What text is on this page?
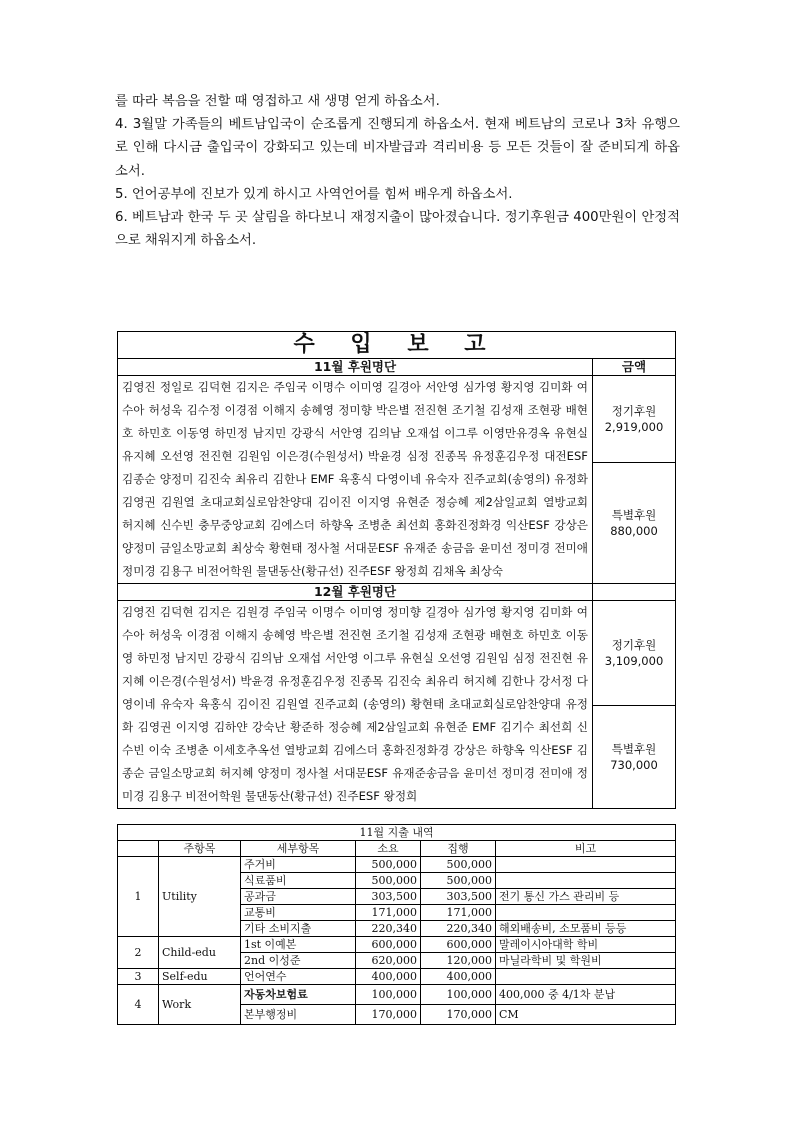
를 따라 복음을 전할 때 영접하고 새 생명 얻게 하옵소서.

4. 3월말 가족들의 베트남입국이 순조롭게 진행되게 하옵소서. 현재 베트남의 코로나 3차 유행으로 인해 다시금 출입국이 강화되고 있는데 비자발급과 격리비용 등 모든 것들이 잘 준비되게 하옵소서.

5. 언어공부에 진보가 있게 하시고 사역언어를 힘써 배우게 하옵소서.

6. 베트남과 한국 두 곳 살림을 하다보니 재정지출이 많아졌습니다. 정기후원금 400만원이 안정적으로 채워지게 하옵소서.

수 입 보 고	
11월 후원명단	금액
김영진 정일로 김덕현 김지은 주임국 이명수 이미영 길경아 서안영 심가영 황지영 김미화 여수아 허성욱 김수정 이경점 이해지 송혜영 정미향 박은별 전진현 조기철 김성재 조현광 배현호 하민호 이동영 하민정 남지민 강광식 서안영 김의남 오재섭 이그루 이영만유경옥 유현실 유지혜 오선영 전진현 김원임 이은경(수원성서) 박윤경 심정 진종목 유정훈김우정 대전ESF 김종순 양정미 김진숙 최유리 김한나 EMF 육홍식 다영이네 유숙자 진주교회(송영의) 유정화 김영권 김원열 초대교회실로암찬양대 김이진 이지영 유현준 정승혜 제2삼일교회 열방교회 허지혜 신수빈 충무중앙교회 김에스더 하향옥 조병춘 최선희 홍화진정화경 익산ESF 강상은 양정미 금일소망교회 최상숙 황현태 정사철 서대문ESF 유재준 송금음 윤미선 정미경 전미애 정미경 김용구 비전어학원 물댄동산(황규선) 진주ESF 왕정희 김채옥 최상숙	정기후원
2,919,000

	특별후원
880,000

12월 후원명단	
김영진 김덕현 김지은 김원경 주임국 이명수 이미영 정미향 길경아 심가영 황지영 김미화 여수아 허성욱 이경점 이해지 송혜영 박은별 전진현 조기철 김성재 조현광 배현호 하민호 이동영 하민정 남지민 강광식 김의남 오재섭 서안영 이그루 유현실 오선영 김원임 심정 전진현 유지혜 이은경(수원성서) 박윤경 유정훈김우정 진종목 김진숙 최유리 허지혜 김한나 강서정 다영이네 유숙자 육홍식 김이진 김원열 진주교회 (송영의) 황현태 초대교회실로암찬양대 유정화 김영권 이지영 김하얀 강숙난 황준하 정승혜 제2삼일교회 유현준 EMF 김기수 최선희 신수빈 이숙 조병춘 이세호추옥선 열방교회 김에스더 홍화진정화경 강상은 하향옥 익산ESF 김종순 금일소망교회 허지혜 양정미 정사철 서대문ESF 유재준송금음 윤미선 정미경 전미애 정미경 김용구 비전어학원 물댄동산(황규선) 진주ESF 왕정희	정기후원
3,109,000

	특별후원
730,000
11월 지출 내역					
	주항목	세부항목	소요	집행	비고
1	Utility	주거비	500,000	500,000	
		식료품비	500,000	500,000	
		공과금	303,500	303,500	전기 통신 가스 관리비 등
		교통비	171,000	171,000	
		기타 소비지출	220,340	220,340	해외배송비, 소모품비 등등
2	Child-edu	1st 이예본	600,000	600,000	말레이시아대학 학비
		2nd 이성준	620,000	120,000	마닐라학비 및 학원비
3	Self-edu	언어연수	400,000	400,000	
4	Work	자동차보험료	100,000	100,000	400,000 중 4/1차 분납
		본부행정비	170,000	170,000	CM
